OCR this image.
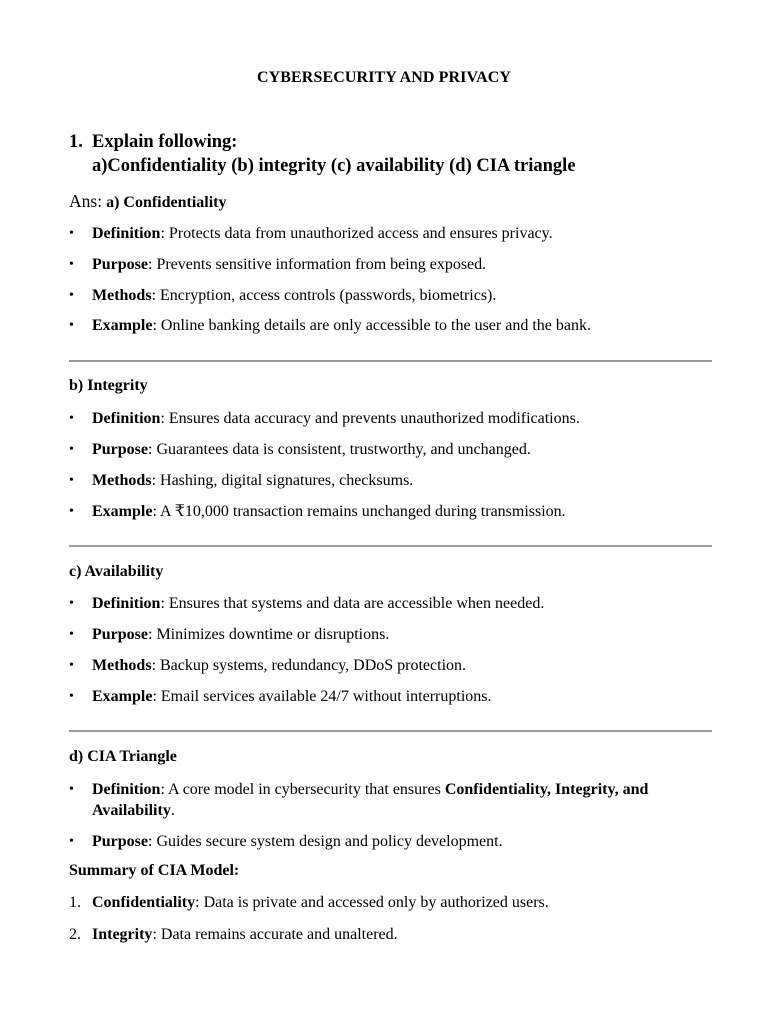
CYBERSECURITY AND PRIVACY
1. Explain following:
a)Confidentiality (b) integrity (c) availability (d) CIA triangle
Ans: a) Confidentiality
•	Definition: Protects data from unauthorized access and ensures privacy.
•	Purpose: Prevents sensitive information from being exposed.
•	Methods: Encryption, access controls (passwords, biometrics).
•	Example: Online banking details are only accessible to the user and the bank.
b) Integrity
•	Definition: Ensures data accuracy and prevents unauthorized modifications.
•	Purpose: Guarantees data is consistent, trustworthy, and unchanged.
•	Methods: Hashing, digital signatures, checksums.
•	Example: A ₹10,000 transaction remains unchanged during transmission.
c) Availability
•	Definition: Ensures that systems and data are accessible when needed.
•	Purpose: Minimizes downtime or disruptions.
•	Methods: Backup systems, redundancy, DDoS protection.
•	Example: Email services available 24/7 without interruptions.
d) CIA Triangle
•	Definition: A core model in cybersecurity that ensures Confidentiality, Integrity, and Availability.
•	Purpose: Guides secure system design and policy development.
Summary of CIA Model:
1. Confidentiality: Data is private and accessed only by authorized users.
2. Integrity: Data remains accurate and unaltered.
